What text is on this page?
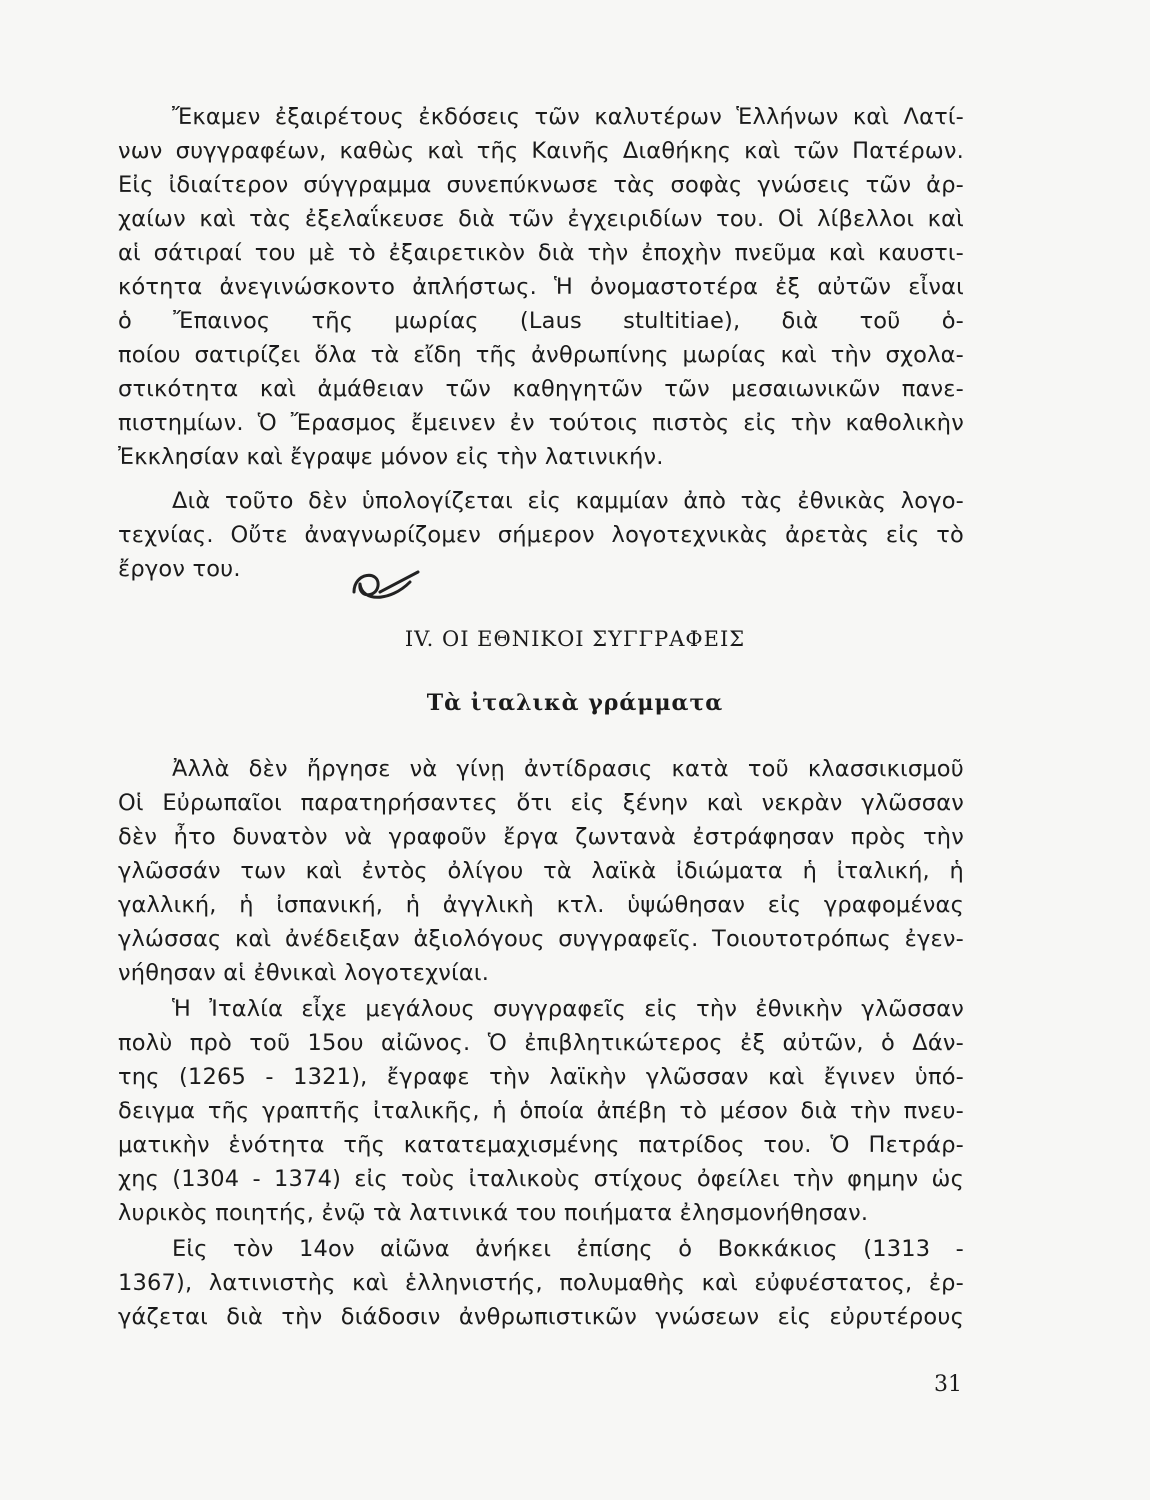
Ἔκαμεν ἐξαιρέτους ἐκδόσεις τῶν καλυτέρων Ἑλλήνων καὶ Λατί-
νων συγγραφέων, καθὼς καὶ τῆς Καινῆς Διαθήκης καὶ τῶν Πατέρων.
Εἰς ἰδιαίτερον σύγγραμμα συνεπύκνωσε τὰς σοφὰς γνώσεις τῶν ἀρ-
χαίων καὶ τὰς ἐξελαΐκευσε διὰ τῶν ἐγχειριδίων του. Οἱ λίβελλοι καὶ
αἱ σάτιραί του μὲ τὸ ἐξαιρετικὸν διὰ τὴν ἐποχὴν πνεῦμα καὶ καυστι-
κότητα ἀνεγινώσκοντο ἀπλήστως. Ἡ ὀνομαστοτέρα ἐξ αὐτῶν εἶναι
ὁ Ἔπαινος τῆς μωρίας (Laus stultitiae), διὰ τοῦ ὁ-
ποίου σατιρίζει ὅλα τὰ εἴδη τῆς ἀνθρωπίνης μωρίας καὶ τὴν σχολα-
στικότητα καὶ ἀμάθειαν τῶν καθηγητῶν τῶν μεσαιωνικῶν πανε-
πιστημίων. Ὁ Ἔρασμος ἔμεινεν ἐν τούτοις πιστὸς εἰς τὴν καθολικὴν
Ἐκκλησίαν καὶ ἔγραψε μόνον εἰς τὴν λατινικήν.
Διὰ τοῦτο δὲν ὑπολογίζεται εἰς καμμίαν ἀπὸ τὰς ἐθνικὰς λογο-
τεχνίας. Οὔτε ἀναγνωρίζομεν σήμερον λογοτεχνικὰς ἀρετὰς εἰς τὸ
ἔργον του.
IV. ΟΙ ΕΘΝΙΚΟΙ ΣΥΓΓΡΑΦΕΙΣ
Τὰ ἰταλικὰ γράμματα
Ἀλλὰ δὲν ἤργησε νὰ γίνῃ ἀντίδρασις κατὰ τοῦ κλασσικισμοῦ
Οἱ Εὐρωπαῖοι παρατηρήσαντες ὅτι εἰς ξένην καὶ νεκρὰν γλῶσσαν
δὲν ἦτο δυνατὸν νὰ γραφοῦν ἔργα ζωντανὰ ἐστράφησαν πρὸς τὴν
γλῶσσάν των καὶ ἐντὸς ὀλίγου τὰ λαϊκὰ ἰδιώματα ἡ ἰταλική, ἡ
γαλλική, ἡ ἰσπανική, ἡ ἀγγλικὴ κτλ. ὑψώθησαν εἰς γραφομένας
γλώσσας καὶ ἀνέδειξαν ἀξιολόγους συγγραφεῖς. Τοιουτοτρόπως ἐγεν-
νήθησαν αἱ ἐθνικαὶ λογοτεχνίαι.
Ἡ Ἰταλία εἶχε μεγάλους συγγραφεῖς εἰς τὴν ἐθνικὴν γλῶσσαν
πολὺ πρὸ τοῦ 15ου αἰῶνος. Ὁ ἐπιβλητικώτερος ἐξ αὐτῶν, ὁ Δάν-
της (1265 - 1321), ἔγραφε τὴν λαϊκὴν γλῶσσαν καὶ ἔγινεν ὑπό-
δειγμα τῆς γραπτῆς ἰταλικῆς, ἡ ὁποία ἀπέβη τὸ μέσον διὰ τὴν πνευ-
ματικὴν ἑνότητα τῆς κατατεμαχισμένης πατρίδος του. Ὁ Πετράρ-
χης (1304 - 1374) εἰς τοὺς ἰταλικοὺς στίχους ὀφείλει τὴν φημην ὡς
λυρικὸς ποιητής, ἐνῷ τὰ λατινικά του ποιήματα ἐλησμονήθησαν.
Εἰς τὸν 14ον αἰῶνα ἀνήκει ἐπίσης ὁ Βοκκάκιος (1313 -
1367), λατινιστὴς καὶ ἑλληνιστής, πολυμαθὴς καὶ εὐφυέστατος, ἐρ-
γάζεται διὰ τὴν διάδοσιν ἀνθρωπιστικῶν γνώσεων εἰς εὐρυτέρους
31
